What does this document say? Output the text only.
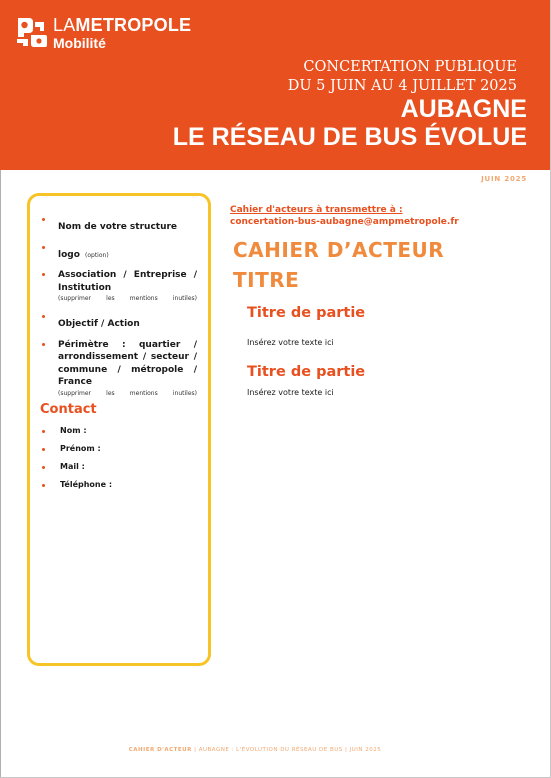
LAMETROPOLE
Mobilité
CONCERTATION PUBLIQUE
DU 5 JUIN AU 4 JUILLET 2025
AUBAGNE
LE RÉSEAU DE BUS ÉVOLUE
JUIN 2025
Nom de votre structure
logo (option)
Association / Entreprise / Institution
(supprimer les mentions inutiles)
Objectif / Action
Périmètre : quartier / arrondissement / secteur / commune / métropole / France
(supprimer les mentions inutiles)
Contact
Nom :
Prénom :
Mail :
Téléphone :
Cahier d'acteurs à transmettre à :
concertation-bus-aubagne@ampmetropole.fr
CAHIER D’ACTEUR
TITRE
Titre de partie
Insérez votre texte ici
Titre de partie
Insérez votre texte ici
CAHIER D'ACTEUR | AUBAGNE : L'ÉVOLUTION DU RÉSEAU DE BUS | JUIN 2025
